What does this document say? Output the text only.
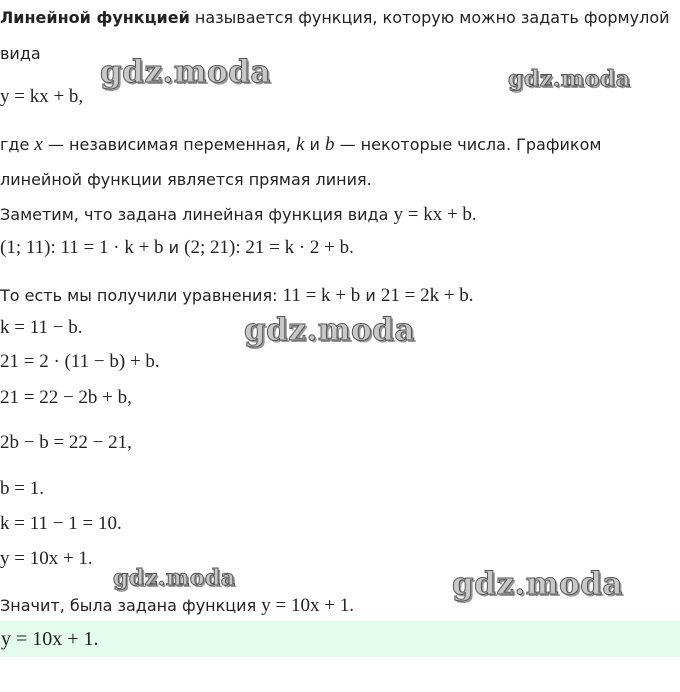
Линейной функцией называется функция, которую можно задать формулой
вида
y = kx + b,
где x — независимая переменная, k и b — некоторые числа. Графиком
линейной функции является прямая линия.
Заметим, что задана линейная функция вида y = kx + b.
(1; 11): 11 = 1 · k + b и (2; 21): 21 = k · 2 + b.
То есть мы получили уравнения: 11 = k + b и 21 = 2k + b.
k = 11 − b.
21 = 2 · (11 − b) + b.
21 = 22 − 2b + b,
2b − b = 22 − 21,
b = 1.
k = 11 − 1 = 10.
y = 10x + 1.
Значит, была задана функция y = 10x + 1.
y = 10x + 1.
gdz.moda	gdz.moda
gdz.moda
gdz.moda	gdz.moda
